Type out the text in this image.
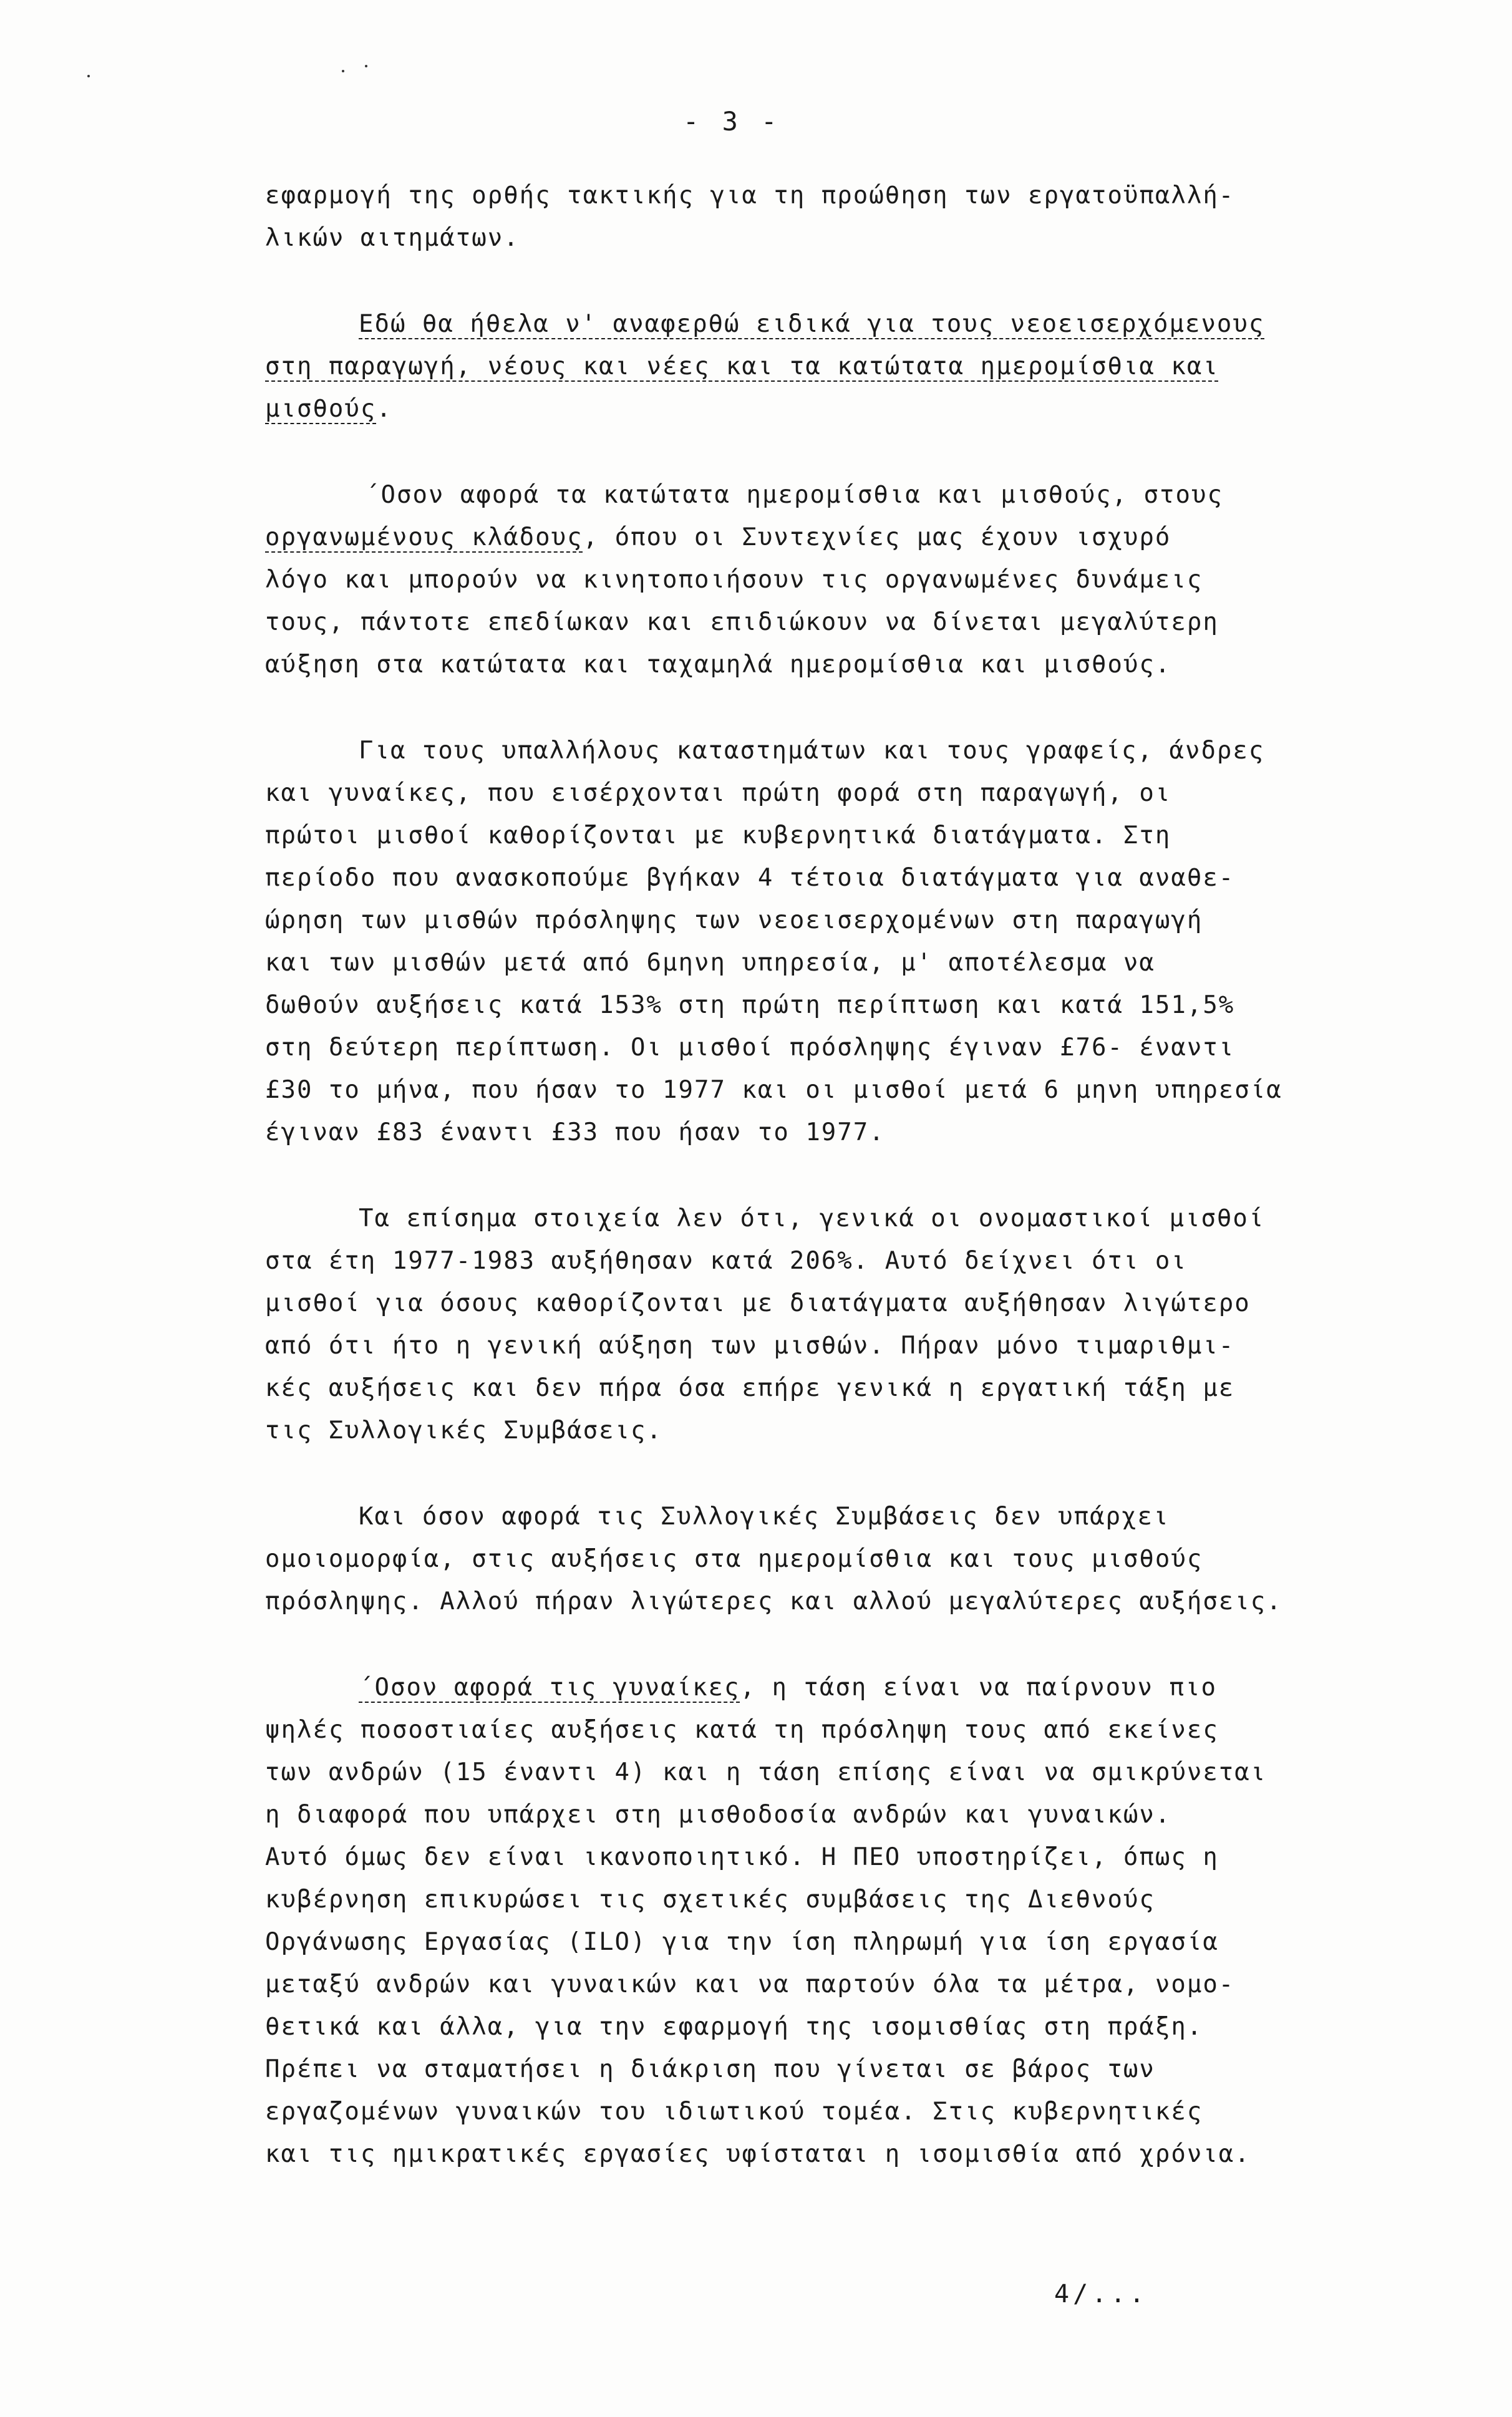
- 3 -

εφαρμογή της ορθής τακτικής για τη προώθηση των εργατοϋπαλλή-
λικών αιτημάτων.

Εδώ θα ήθελα ν' αναφερθώ ειδικά για τους νεοεισερχόμενους
στη παραγωγή, νέους και νέες και τα κατώτατα ημερομίσθια και
μισθούς.

΄Οσον αφορά τα κατώτατα ημερομίσθια και μισθούς, στους
οργανωμένους κλάδους, όπου οι Συντεχνίες μας έχουν ισχυρό
λόγο και μπορούν να κινητοποιήσουν τις οργανωμένες δυνάμεις
τους, πάντοτε επεδίωκαν και επιδιώκουν να δίνεται μεγαλύτερη
αύξηση στα κατώτατα και ταχαμηλά ημερομίσθια και μισθούς.

Για τους υπαλλήλους καταστημάτων και τους γραφείς, άνδρες
και γυναίκες, που εισέρχονται πρώτη φορά στη παραγωγή, οι
πρώτοι μισθοί καθορίζονται με κυβερνητικά διατάγματα. Στη
περίοδο που ανασκοπούμε βγήκαν 4 τέτοια διατάγματα για αναθε-
ώρηση των μισθών πρόσληψης των νεοεισερχομένων στη παραγωγή
και των μισθών μετά από 6μηνη υπηρεσία, μ' αποτέλεσμα να
δωθούν αυξήσεις κατά 153% στη πρώτη περίπτωση και κατά 151,5%
στη δεύτερη περίπτωση. Οι μισθοί πρόσληψης έγιναν £76- έναντι
£30 το μήνα, που ήσαν το 1977 και οι μισθοί μετά 6 μηνη υπηρεσία
έγιναν £83 έναντι £33 που ήσαν το 1977.

Τα επίσημα στοιχεία λεν ότι, γενικά οι ονομαστικοί μισθοί
στα έτη 1977-1983 αυξήθησαν κατά 206%. Αυτό δείχνει ότι οι
μισθοί για όσους καθορίζονται με διατάγματα αυξήθησαν λιγώτερο
από ότι ήτο η γενική αύξηση των μισθών. Πήραν μόνο τιμαριθμι-
κές αυξήσεις και δεν πήρα όσα επήρε γενικά η εργατική τάξη με
τις Συλλογικές Συμβάσεις.

Και όσον αφορά τις Συλλογικές Συμβάσεις δεν υπάρχει
ομοιομορφία, στις αυξήσεις στα ημερομίσθια και τους μισθούς
πρόσληψης. Αλλού πήραν λιγώτερες και αλλού μεγαλύτερες αυξήσεις.

΄Οσον αφορά τις γυναίκες, η τάση είναι να παίρνουν πιο
ψηλές ποσοστιαίες αυξήσεις κατά τη πρόσληψη τους από εκείνες
των ανδρών (15 έναντι 4) και η τάση επίσης είναι να σμικρύνεται
η διαφορά που υπάρχει στη μισθοδοσία ανδρών και γυναικών.
Αυτό όμως δεν είναι ικανοποιητικό. Η ΠΕΟ υποστηρίζει, όπως η
κυβέρνηση επικυρώσει τις σχετικές συμβάσεις της Διεθνούς
Οργάνωσης Εργασίας (ILO) για την ίση πληρωμή για ίση εργασία
μεταξύ ανδρών και γυναικών και να παρτούν όλα τα μέτρα, νομο-
θετικά και άλλα, για την εφαρμογή της ισομισθίας στη πράξη.
Πρέπει να σταματήσει η διάκριση που γίνεται σε βάρος των
εργαζομένων γυναικών του ιδιωτικού τομέα. Στις κυβερνητικές
και τις ημικρατικές εργασίες υφίσταται η ισομισθία από χρόνια.

4/...
